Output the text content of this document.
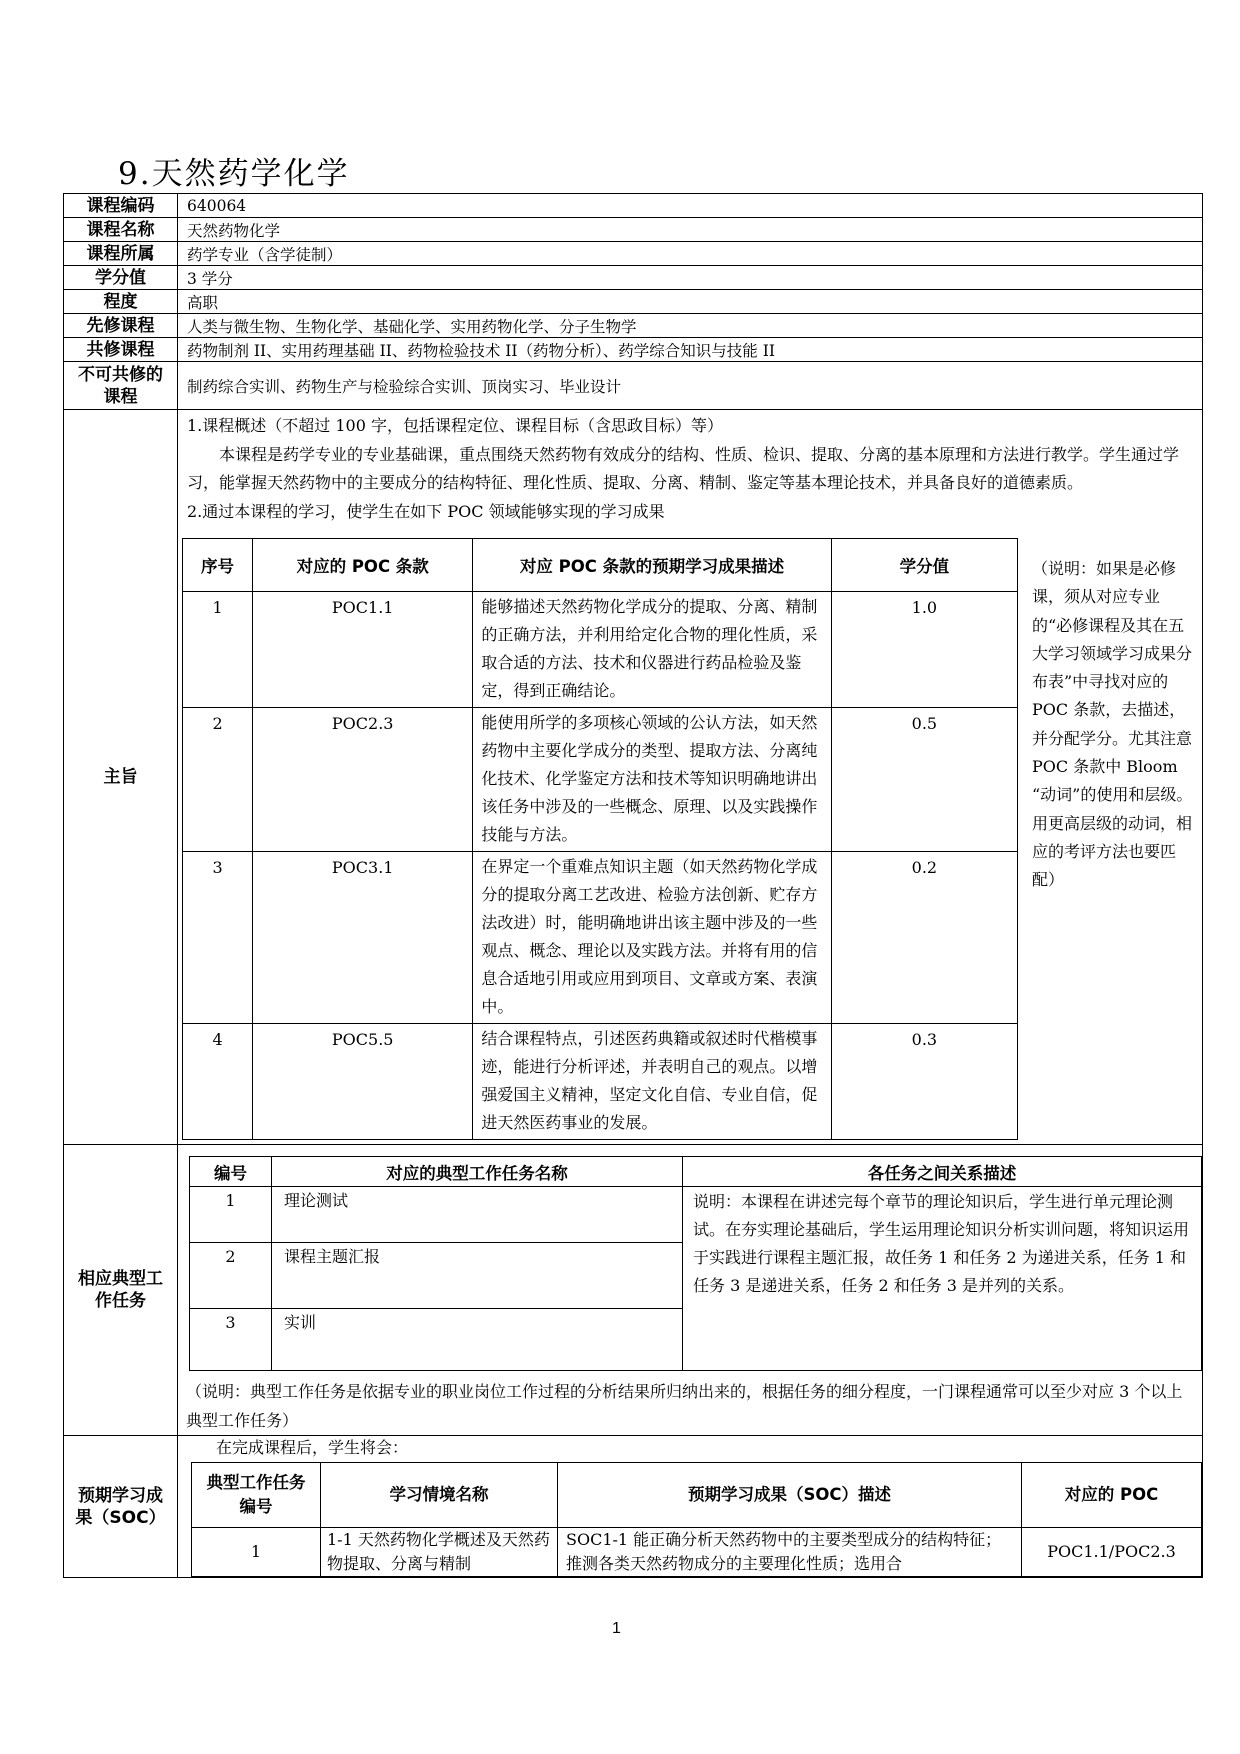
9.天然药学化学
课程编码	640064
课程名称	天然药物化学
课程所属	药学专业（含学徒制）
学分值	3 学分
程度	高职
先修课程	人类与微生物、生物化学、基础化学、实用药物化学、分子生物学
共修课程	药物制剂 II、实用药理基础 II、药物检验技术 II（药物分析）、药学综合知识与技能 II
不可共修的课程	制药综合实训、药物生产与检验综合实训、顶岗实习、毕业设计
主旨	

1.课程概述（不超过 100 字，包括课程定位、课程目标（含思政目标）等）

本课程是药学专业的专业基础课，重点围绕天然药物有效成分的结构、性质、检识、提取、分离的基本原理和方法进行教学。学生通过学习，能掌握天然药物中的主要成分的结构特征、理化性质、提取、分离、精制、鉴定等基本理论技术，并具备良好的道德素质。

2.通过本课程的学习，使学生在如下 POC 领域能够实现的学习成果

序号	对应的 POC 条款	对应 POC 条款的预期学习成果描述	学分值
1	POC1.1	能够描述天然药物化学成分的提取、分离、精制的正确方法，并利用给定化合物的理化性质，采取合适的方法、技术和仪器进行药品检验及鉴定，得到正确结论。	1.0
2	POC2.3	能使用所学的多项核心领域的公认方法，如天然药物中主要化学成分的类型、提取方法、分离纯化技术、化学鉴定方法和技术等知识明确地讲出该任务中涉及的一些概念、原理、以及实践操作技能与方法。	0.5
3	POC3.1	在界定一个重难点知识主题（如天然药物化学成分的提取分离工艺改进、检验方法创新、贮存方法改进）时，能明确地讲出该主题中涉及的一些观点、概念、理论以及实践方法。并将有用的信息合适地引用或应用到项目、文章或方案、表演中。	0.2
4	POC5.5	结合课程特点，引述医药典籍或叙述时代楷模事迹，能进行分析评述，并表明自己的观点。以增强爱国主义精神，坚定文化自信、专业自信，促进天然医药事业的发展。	0.3

相应典型工作任务	
编号	对应的典型工作任务名称	各任务之间关系描述
1	理论测试	说明：本课程在讲述完每个章节的理论知识后，学生进行单元理论测试。在夯实理论基础后，学生运用理论知识分析实训问题，将知识运用于实践进行课程主题汇报，故任务 1 和任务 2 为递进关系，任务 1 和任务 3 是递进关系，任务 2 和任务 3 是并列的关系。
2	课程主题汇报
3	实训
（说明：典型工作任务是依据专业的职业岗位工作过程的分析结果所归纳出来的，根据任务的细分程度，一门课程通常可以至少对应 3 个以上典型工作任务）

预期学习成果（SOC）	
在完成课程后，学生将会：
典型工作任务编号	学习情境名称	预期学习成果（SOC）描述	对应的 POC
1	1-1 天然药物化学概述及天然药物提取、分离与精制	SOC1-1 能正确分析天然药物中的主要类型成分的结构特征；推测各类天然药物成分的主要理化性质；选用合	POC1.1/POC2.3
（说明：如果是必修课，须从对应专业的“必修课程及其在五大学习领域学习成果分布表”中寻找对应的 POC 条款，去描述，并分配学分。尤其注意 POC 条款中 Bloom “动词”的使用和层级。用更高层级的动词，相应的考评方法也要匹配）
1
